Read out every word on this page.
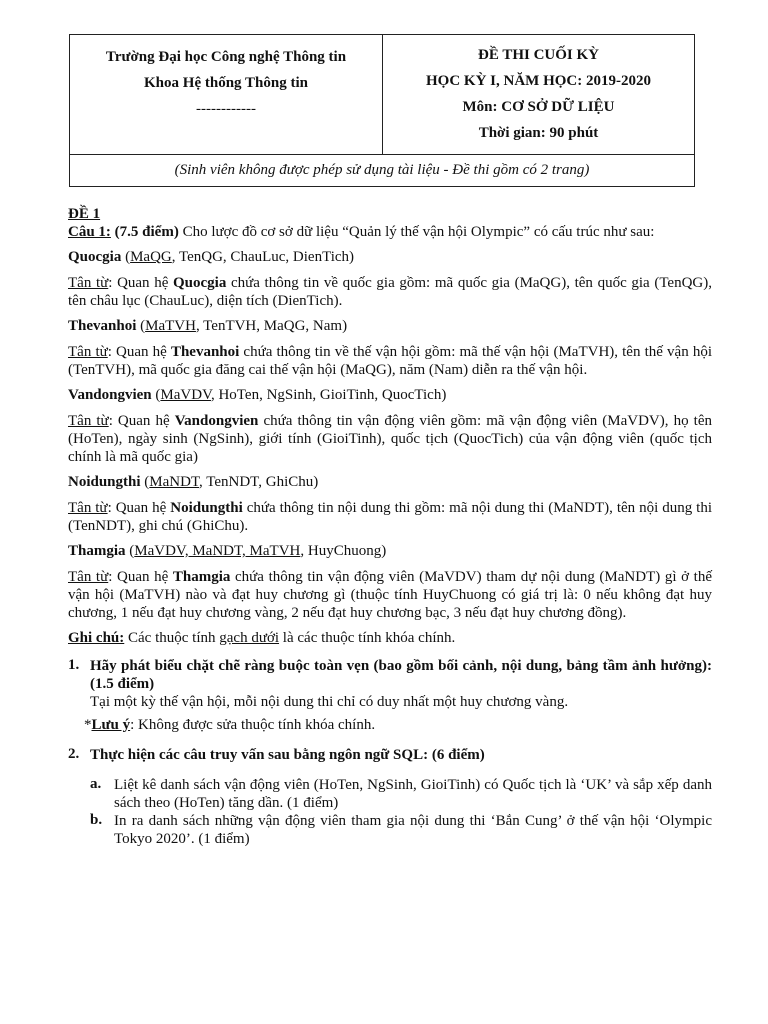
Trường Đại học Công nghệ Thông tin
Khoa Hệ thống Thông tin
------------
ĐỀ THI CUỐI KỲ
HỌC KỲ I, NĂM HỌC: 2019-2020
Môn: CƠ SỞ DỮ LIỆU
Thời gian: 90 phút
(Sinh viên không được phép sử dụng tài liệu - Đề thi gồm có 2 trang)
ĐỀ 1

Câu 1: (7.5 điểm) Cho lược đồ cơ sở dữ liệu “Quản lý thế vận hội Olympic” có cấu trúc như sau:

Quocgia (MaQG, TenQG, ChauLuc, DienTich)

Tân từ: Quan hệ Quocgia chứa thông tin về quốc gia gồm: mã quốc gia (MaQG), tên quốc gia (TenQG), tên châu lục (ChauLuc), diện tích (DienTich).

Thevanhoi (MaTVH, TenTVH, MaQG, Nam)

Tân từ: Quan hệ Thevanhoi chứa thông tin về thế vận hội gồm: mã thế vận hội (MaTVH), tên thế vận hội (TenTVH), mã quốc gia đăng cai thế vận hội (MaQG), năm (Nam) diễn ra thế vận hội.

Vandongvien (MaVDV, HoTen, NgSinh, GioiTinh, QuocTich)

Tân từ: Quan hệ Vandongvien chứa thông tin vận động viên gồm: mã vận động viên (MaVDV), họ tên (HoTen), ngày sinh (NgSinh), giới tính (GioiTinh), quốc tịch (QuocTich) của vận động viên (quốc tịch chính là mã quốc gia)

Noidungthi (MaNDT, TenNDT, GhiChu)

Tân từ: Quan hệ Noidungthi chứa thông tin nội dung thi gồm: mã nội dung thi (MaNDT), tên nội dung thi (TenNDT), ghi chú (GhiChu).

Thamgia (MaVDV, MaNDT, MaTVH, HuyChuong)

Tân từ: Quan hệ Thamgia chứa thông tin vận động viên (MaVDV) tham dự nội dung (MaNDT) gì ở thế vận hội (MaTVH) nào và đạt huy chương gì (thuộc tính HuyChuong có giá trị là: 0 nếu không đạt huy chương, 1 nếu đạt huy chương vàng, 2 nếu đạt huy chương bạc, 3 nếu đạt huy chương đồng).

Ghi chú: Các thuộc tính gạch dưới là các thuộc tính khóa chính.

1. Hãy phát biểu chặt chẽ ràng buộc toàn vẹn (bao gồm bối cảnh, nội dung, bảng tầm ảnh hưởng): (1.5 điểm)
Tại một kỳ thế vận hội, mỗi nội dung thi chỉ có duy nhất một huy chương vàng.
*Lưu ý: Không được sửa thuộc tính khóa chính.
2. Thực hiện các câu truy vấn sau bằng ngôn ngữ SQL: (6 điểm)
a. Liệt kê danh sách vận động viên (HoTen, NgSinh, GioiTinh) có Quốc tịch là ‘UK’ và sắp xếp danh sách theo (HoTen) tăng dần. (1 điểm)
b. In ra danh sách những vận động viên tham gia nội dung thi ‘Bắn Cung’ ở thế vận hội ‘Olympic Tokyo 2020’. (1 điểm)
